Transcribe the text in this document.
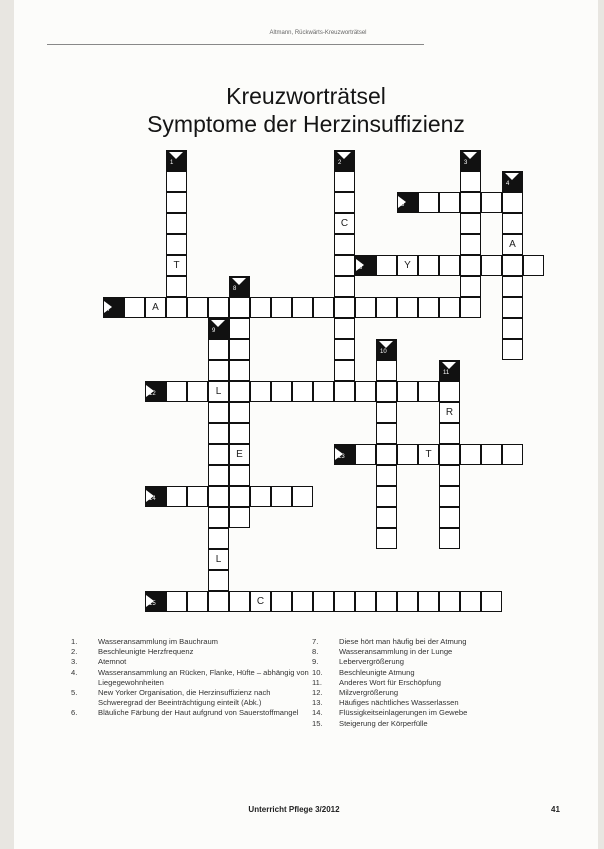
Altmann, Rückwärts-Kreuzworträtsel
Kreuzworträtsel
Symptome der Herzinsuffizienz
1	2	3
4
5
C
A
T	6	Y
8
7	A
9
10
11
12	L
R
E	13	T
14
L
15	C
1.	Wasseransammlung im Bauchraum
2.	Beschleunigte Herzfrequenz
3.	Atemnot
4.	Wasseransammlung an Rücken, Flanke, Hüfte – abhängig von Liegegewohnheiten
5.	New Yorker Organisation, die Herzinsuffizienz nach Schweregrad der Beeinträchtigung einteilt (Abk.)
6.	Bläuliche Färbung der Haut aufgrund von Sauerstoffmangel
7.	Diese hört man häufig bei der Atmung
8.	Wasseransammlung in der Lunge
9.	Lebervergrößerung
10.	Beschleunigte Atmung
11.	Anderes Wort für Erschöpfung
12.	Milzvergrößerung
13.	Häufiges nächtliches Wasserlassen
14.	Flüssigkeitseinlagerungen im Gewebe
15.	Steigerung der Körperfülle
Unterricht Pflege 3/2012	41
